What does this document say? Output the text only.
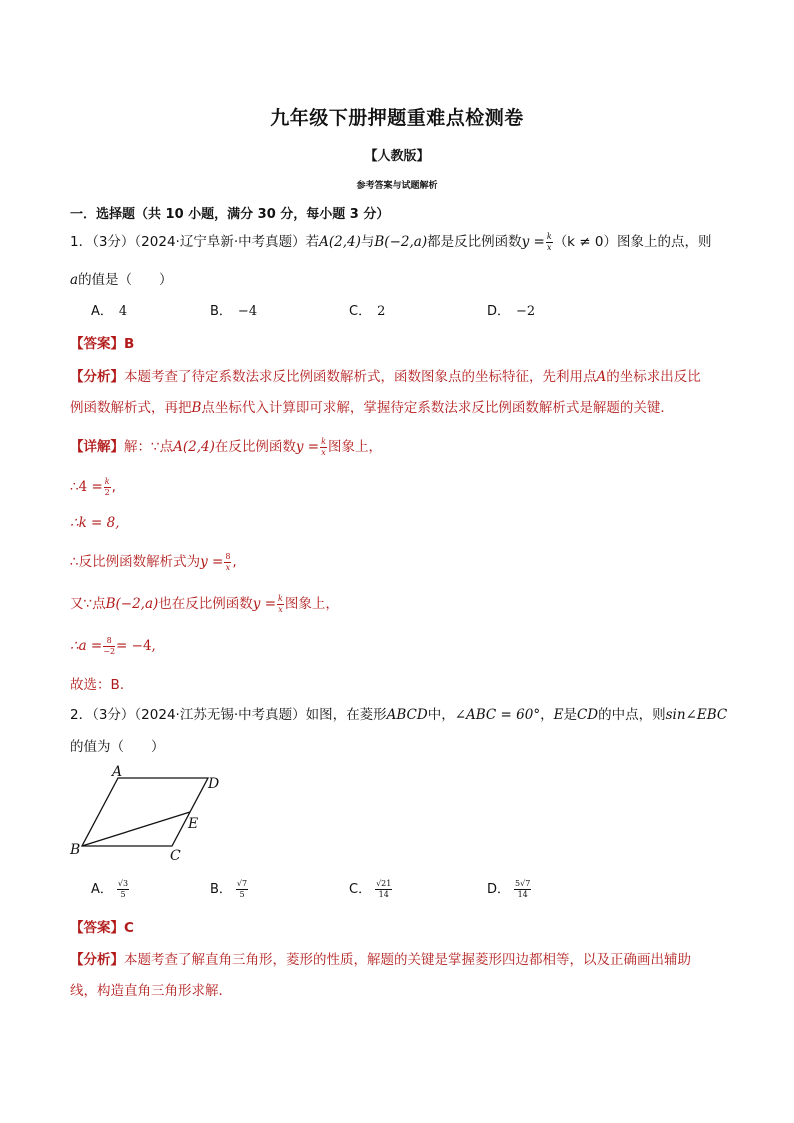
九年级下册押题重难点检测卷
【人教版】
参考答案与试题解析
一．选择题（共 10 小题，满分 30 分，每小题 3 分）
1．（3分）（2024·辽宁阜新·中考真题）若A(2,4)与B(−2,a)都是反比例函数$y = \frac{k}{x} (k \ne 0)$图象上的点，则
a的值是（　　）
A． 4	B． −4	C． 2	D． −2
【答案】B
【分析】本题考查了待定系数法求反比例函数解析式，函数图象点的坐标特征，先利用点A的坐标求出反比
例函数解析式，再把B点坐标代入计算即可求解，掌握待定系数法求反比例函数解析式是解题的关键．
【详解】解：∵点A(2,4)在反比例函数$y = \frac{k}{x}$ 图象上，
∴4 = $\frac{k}{2}$ ,
∴k = 8,
∴反比例函数解析式为$y = \frac{8}{x}$ ,
又∵点B(−2,a)也在反比例函数$y = \frac{k}{x}$ 图象上，
∴a = $\frac{8}{-2} = -4$,
故选：B.
2．（3分）（2024·江苏无锡·中考真题）如图，在菱形ABCD中，∠ABC = 60°，E是CD的中点，则sin∠EBC
的值为（　　）
A
D
E
B	C
A． $\frac{√3}{5}$	B． $\frac{√7}{5}$	C． $\frac{√21}{14}$	D． $\frac{5√7}{14}$
【答案】C
【分析】本题考查了解直角三角形，菱形的性质，解题的关键是掌握菱形四边都相等，以及正确画出辅助
线，构造直角三角形求解．
